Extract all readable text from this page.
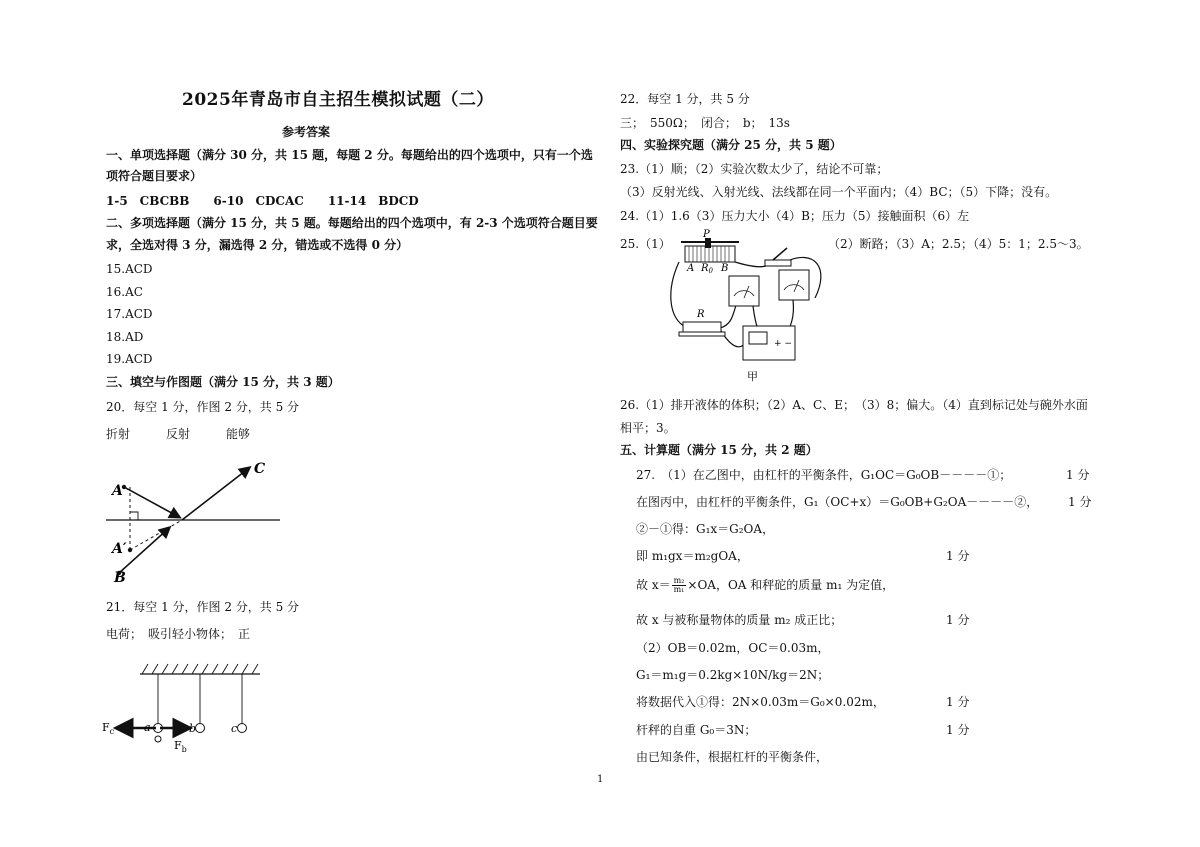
2025年青岛市自主招生模拟试题（二）
参考答案
一、单项选择题（满分 30 分，共 15 题，每题 2 分。每题给出的四个选项中，只有一个选
项符合题目要求）
1-5　CBCBB　　6-10　CDCAC　　11-14　BDCD
二、多项选择题（满分 15 分，共 5 题。每题给出的四个选项中，有 2-3 个选项符合题目要
求，全选对得 3 分，漏选得 2 分，错选或不选得 0 分）
15.ACD
16.AC
17.ACD
18.AD
19.ACD
三、填空与作图题（满分 15 分，共 3 题）
20．每空 1 分，作图 2 分，共 5 分
折射　　　反射　　　能够
A
A′
B
C
21．每空 1 分，作图 2 分，共 5 分
电荷；　吸引轻小物体；　正
$F_c$
$F_b$
a	b	c
22．每空 1 分，共 5 分
三；　550Ω；　闭合；　b；　13s
四、实验探究题（满分 25 分，共 5 题）
23.（1）顺；（2）实验次数太少了，结论不可靠；
（3）反射光线、入射光线、法线都在同一个平面内；（4）BC；（5）下降；没有。
24.（1）1.6（3）压力大小（4）B；压力（5）接触面积（6）左
25.（1）	（2）断路；（3）A；2.5；（4）5：1；2.5～3。
P
A $R_0$ B
R
+ −
甲
26.（1）排开液体的体积；（2）A、C、E；　（3）8；偏大。（4）直到标记处与碗外水面
相平；3。
五、计算题（满分 15 分，共 2 题）
27.　（1）在乙图中，由杠杆的平衡条件，G₁OC＝G₀OB－－－－①；	1 分
在图丙中，由杠杆的平衡条件，G₁（OC+x）＝G₀OB+G₂OA－－－－②， 1 分
②－①得：G₁x＝G₂OA，
即 m₁gx＝m₂gOA，	1 分
故 $x= \frac{\text{m₂}}{\text{m₁}} \times OA$，OA 和秤砣的质量 m₁ 为定值，
故 x 与被称量物体的质量 m₂ 成正比；	1 分
（2）OB＝0.02m，OC＝0.03m，
G₁＝m₁g＝0.2kg×10N/kg＝2N；
将数据代入①得：2N×0.03m＝G₀×0.02m，	1 分
杆秤的自重 G₀＝3N；	1 分
由已知条件，根据杠杆的平衡条件，
1
